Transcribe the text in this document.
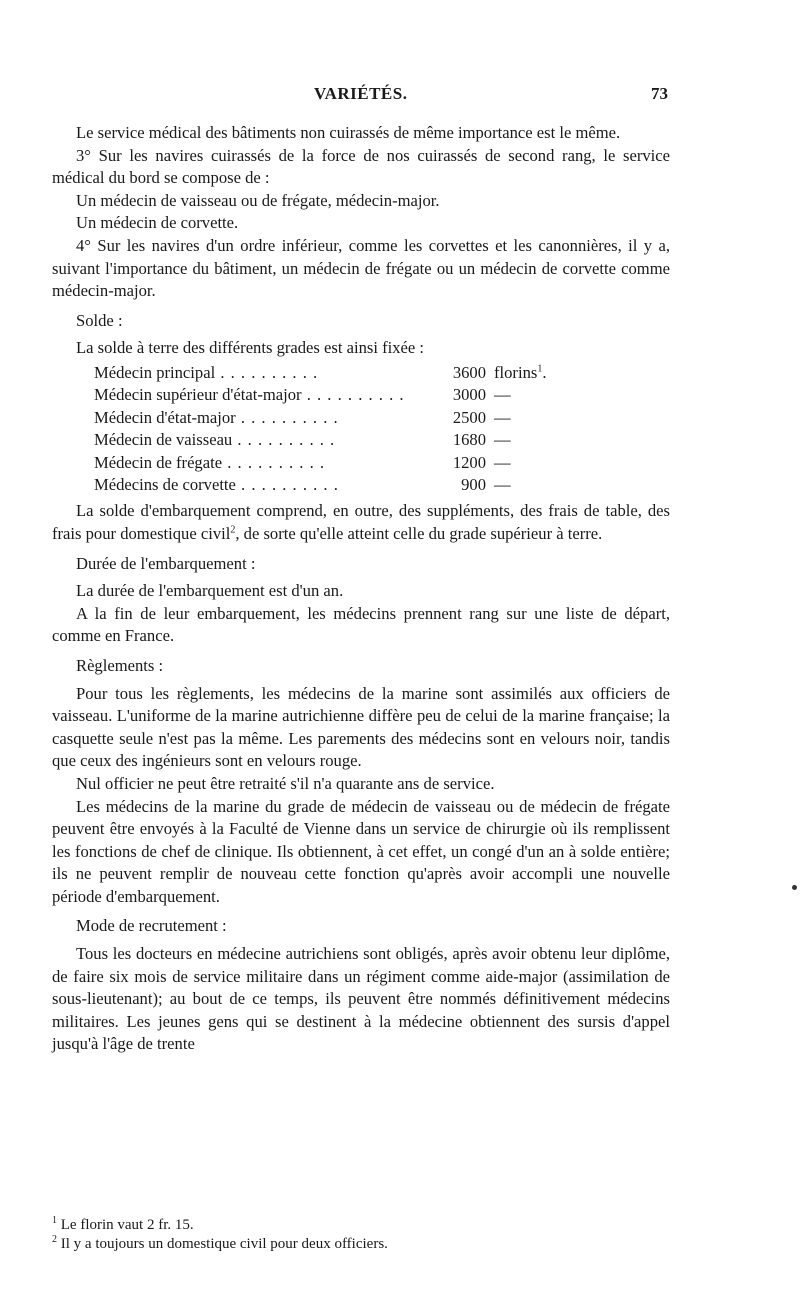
VARIÉTÉS.	73

Le service médical des bâtiments non cuirassés de même importance est le même.

3° Sur les navires cuirassés de la force de nos cuirassés de second rang, le service médical du bord se compose de :

Un médecin de vaisseau ou de frégate, médecin-major.

Un médecin de corvette.

4° Sur les navires d'un ordre inférieur, comme les corvettes et les canonnières, il y a, suivant l'importance du bâtiment, un médecin de frégate ou un médecin de corvette comme médecin-major.

Solde :

La solde à terre des différents grades est ainsi fixée :

Médecin principal . . .	3600	florins$^1$.
Médecin supérieur d'état-major . . .	3000	—
Médecin d'état-major . . .	2500	—
Médecin de vaisseau . . .	1680	—
Médecin de frégate . . .	1200	—
Médecins de corvette . . .	900	—

La solde d'embarquement comprend, en outre, des suppléments, des frais de table, des frais pour domestique civil$^2$, de sorte qu'elle atteint celle du grade supérieur à terre.

Durée de l'embarquement :

La durée de l'embarquement est d'un an.

A la fin de leur embarquement, les médecins prennent rang sur une liste de départ, comme en France.

Règlements :

Pour tous les règlements, les médecins de la marine sont assimilés aux officiers de vaisseau. L'uniforme de la marine autrichienne diffère peu de celui de la marine française; la casquette seule n'est pas la même. Les parements des médecins sont en velours noir, tandis que ceux des ingénieurs sont en velours rouge.

Nul officier ne peut être retraité s'il n'a quarante ans de service.

Les médecins de la marine du grade de médecin de vaisseau ou de médecin de frégate peuvent être envoyés à la Faculté de Vienne dans un service de chirurgie où ils remplissent les fonctions de chef de clinique. Ils obtiennent, à cet effet, un congé d'un an à solde entière; ils ne peuvent remplir de nouveau cette fonction qu'après avoir accompli une nouvelle période d'embarquement.

Mode de recrutement :

Tous les docteurs en médecine autrichiens sont obligés, après avoir obtenu leur diplôme, de faire six mois de service militaire dans un régiment comme aide-major (assimilation de sous-lieutenant); au bout de ce temps, ils peuvent être nommés définitivement médecins militaires. Les jeunes gens qui se destinent à la médecine obtiennent des sursis d'appel jusqu'à l'âge de trente

$^1$ Le florin vaut 2 fr. 15.
$^2$ Il y a toujours un domestique civil pour deux officiers.
